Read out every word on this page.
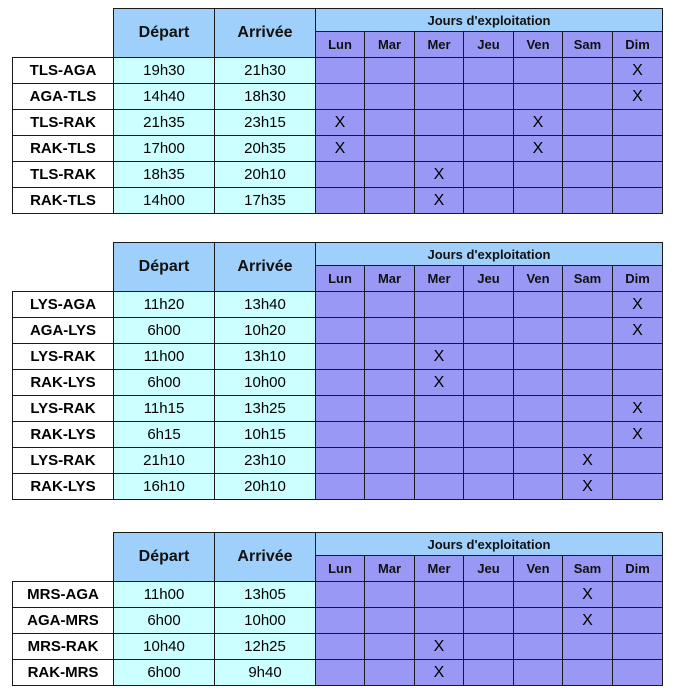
	Départ	Arrivée	Jours d'exploitation						
			Lun	Mar	Mer	Jeu	Ven	Sam	Dim
TLS-AGA	19h30	21h30							X
AGA-TLS	14h40	18h30							X
TLS-RAK	21h35	23h15	X				X		
RAK-TLS	17h00	20h35	X				X		
TLS-RAK	18h35	20h10			X				
RAK-TLS	14h00	17h35			X				
	Départ	Arrivée	Jours d'exploitation						
			Lun	Mar	Mer	Jeu	Ven	Sam	Dim
LYS-AGA	11h20	13h40							X
AGA-LYS	6h00	10h20							X
LYS-RAK	11h00	13h10			X				
RAK-LYS	6h00	10h00			X				
LYS-RAK	11h15	13h25							X
RAK-LYS	6h15	10h15							X
LYS-RAK	21h10	23h10						X	
RAK-LYS	16h10	20h10						X	
	Départ	Arrivée	Jours d'exploitation						
			Lun	Mar	Mer	Jeu	Ven	Sam	Dim
MRS-AGA	11h00	13h05						X	
AGA-MRS	6h00	10h00						X	
MRS-RAK	10h40	12h25			X				
RAK-MRS	6h00	9h40			X				
